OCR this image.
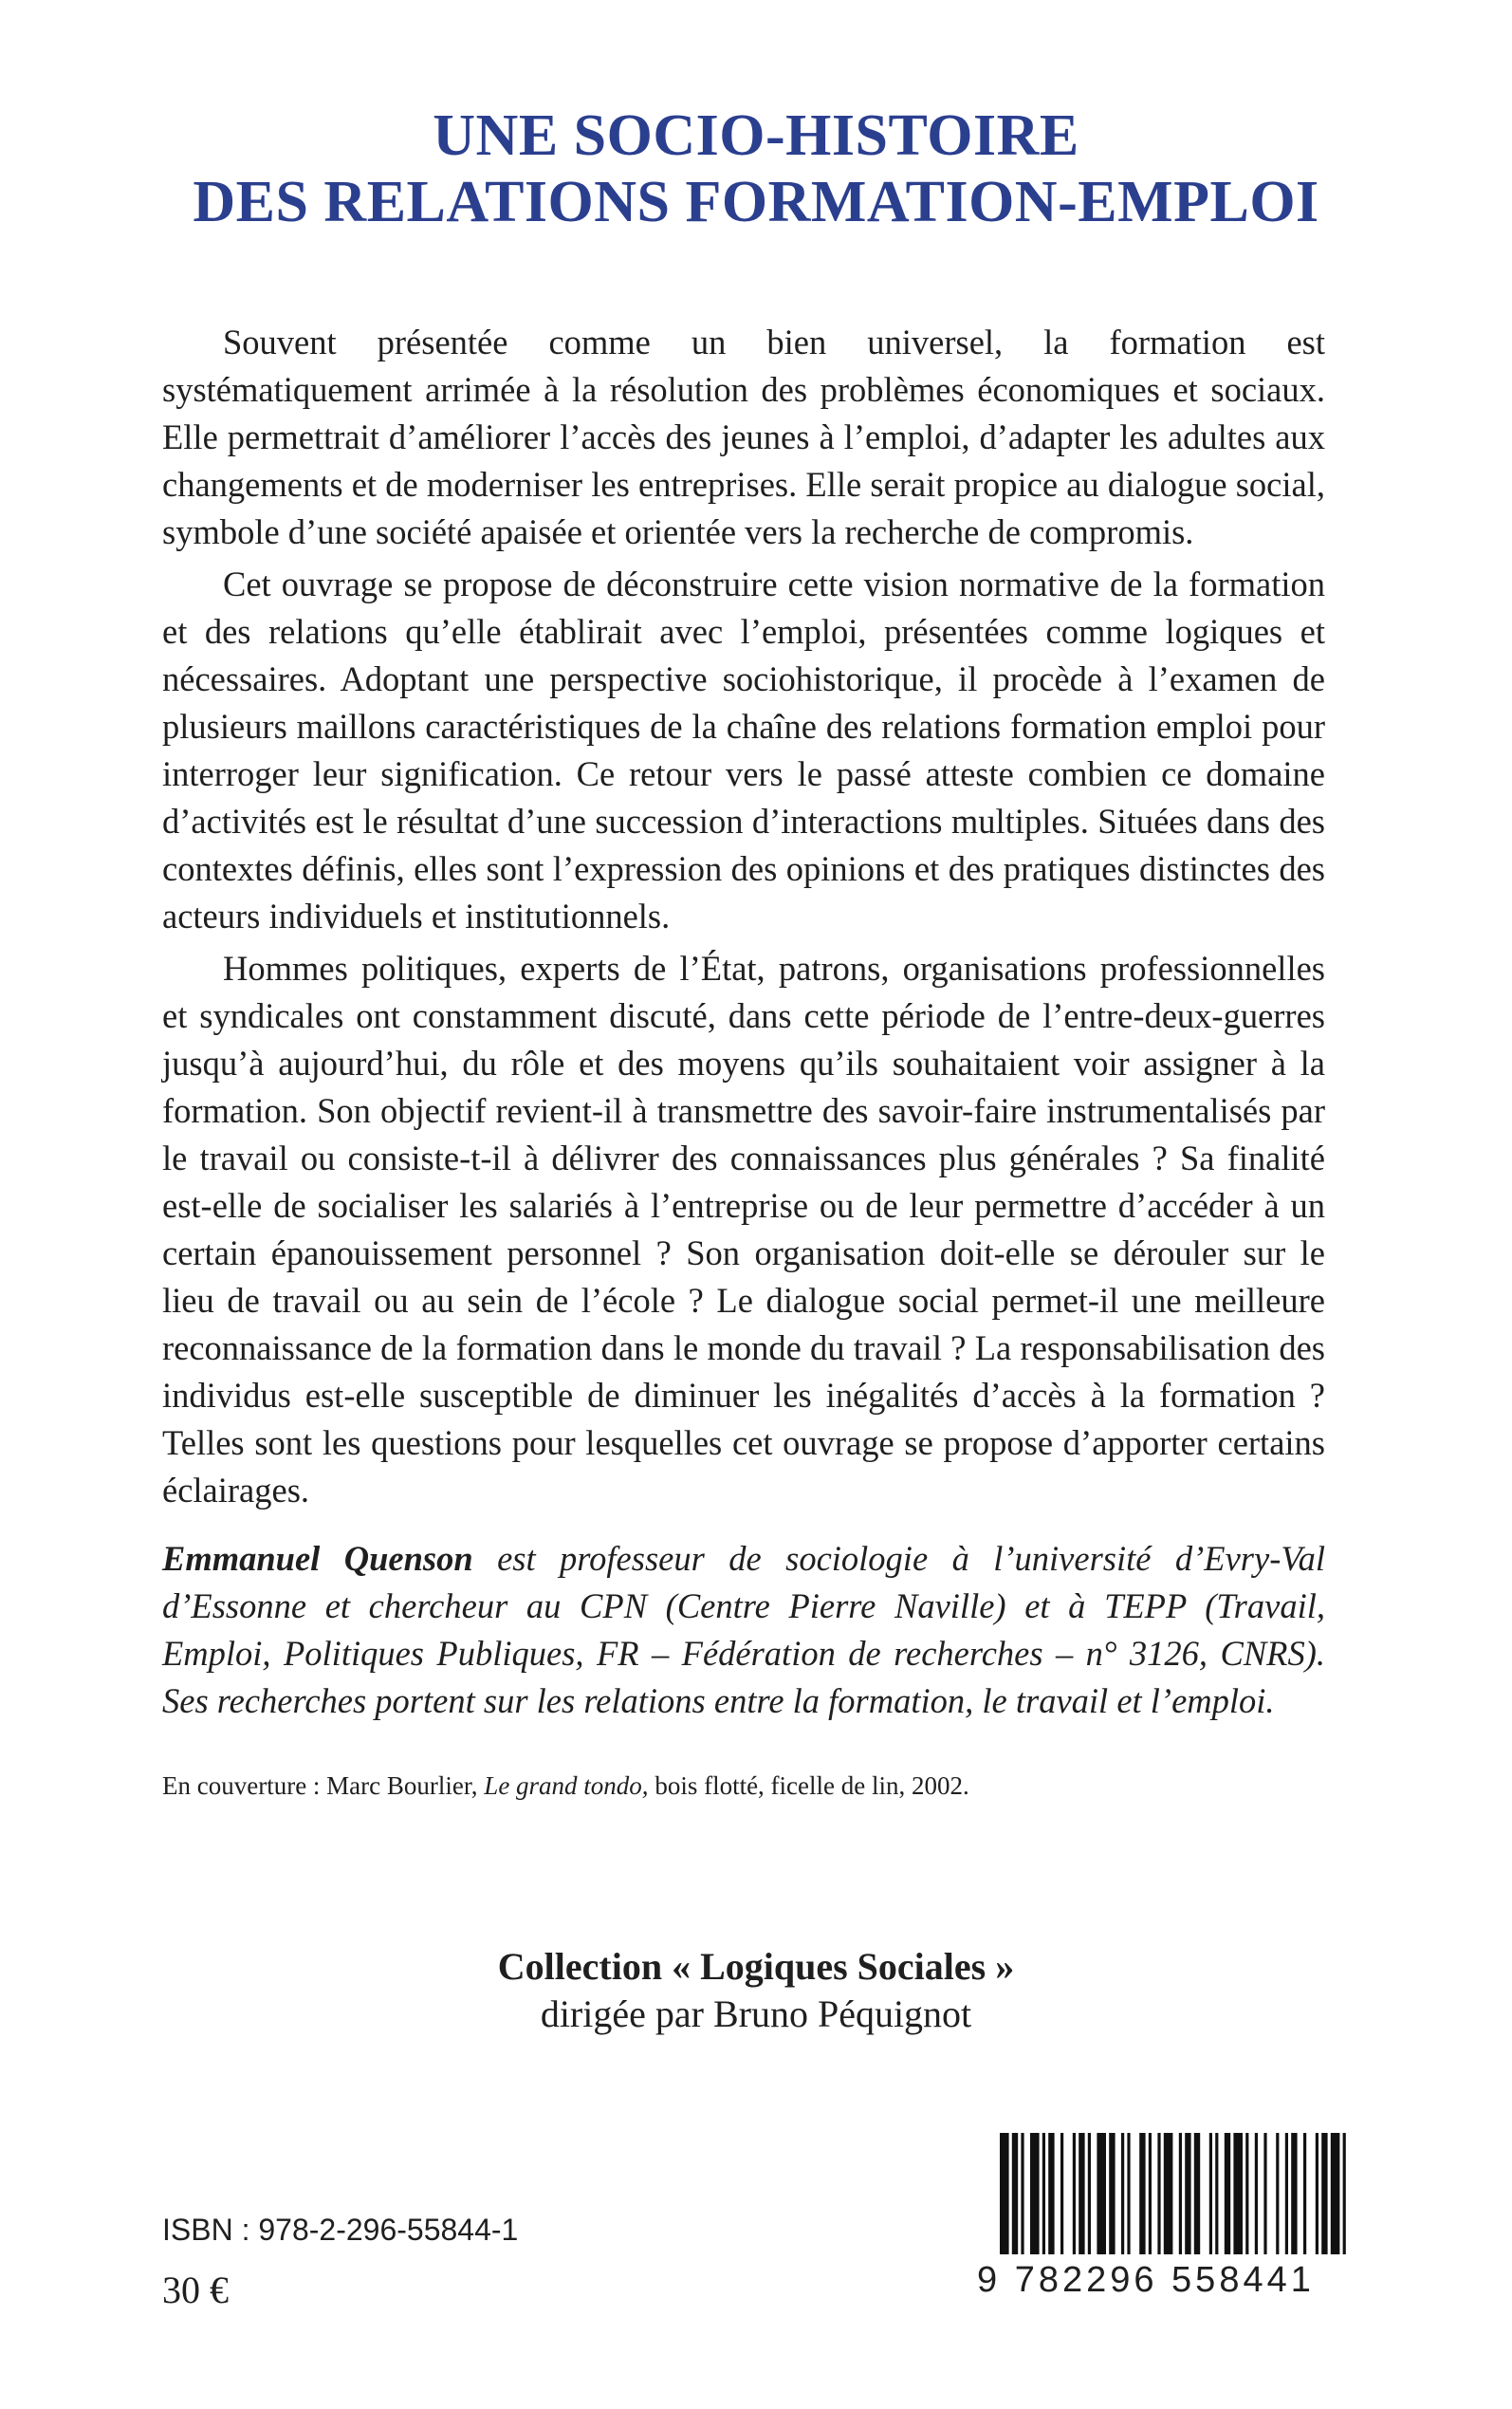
UNE SOCIO-HISTOIRE
DES RELATIONS FORMATION-EMPLOI

Souvent présentée comme un bien universel, la formation est systématiquement arrimée à la résolution des problèmes économiques et sociaux. Elle permettrait d’améliorer l’accès des jeunes à l’emploi, d’adapter les adultes aux changements et de moderniser les entreprises. Elle serait propice au dialogue social, symbole d’une société apaisée et orientée vers la recherche de compromis.

Cet ouvrage se propose de déconstruire cette vision normative de la formation et des relations qu’elle établirait avec l’emploi, présentées comme logiques et nécessaires. Adoptant une perspective sociohistorique, il procède à l’examen de plusieurs maillons caractéristiques de la chaîne des relations formation emploi pour interroger leur signification. Ce retour vers le passé atteste combien ce domaine d’activités est le résultat d’une succession d’interactions multiples. Situées dans des contextes définis, elles sont l’expression des opinions et des pratiques distinctes des acteurs individuels et institutionnels.

Hommes politiques, experts de l’État, patrons, organisations professionnelles et syndicales ont constamment discuté, dans cette période de l’entre-deux-guerres jusqu’à aujourd’hui, du rôle et des moyens qu’ils souhaitaient voir assigner à la formation. Son objectif revient-il à transmettre des savoir-faire instrumentalisés par le travail ou consiste-t-il à délivrer des connaissances plus générales ? Sa finalité est-elle de socialiser les salariés à l’entreprise ou de leur permettre d’accéder à un certain épanouissement personnel ? Son organisation doit-elle se dérouler sur le lieu de travail ou au sein de l’école ? Le dialogue social permet-il une meilleure reconnaissance de la formation dans le monde du travail ? La responsabilisation des individus est-elle susceptible de diminuer les inégalités d’accès à la formation ? Telles sont les questions pour lesquelles cet ouvrage se propose d’apporter certains éclairages.

Emmanuel Quenson est professeur de sociologie à l’université d’Evry-Val d’Essonne et chercheur au CPN (Centre Pierre Naville) et à TEPP (Travail, Emploi, Politiques Publiques, FR – Fédération de recherches – n° 3126, CNRS). Ses recherches portent sur les relations entre la formation, le travail et l’emploi.
En couverture : Marc Bourlier, Le grand tondo, bois flotté, ficelle de lin, 2002.
Collection « Logiques Sociales »
dirigée par Bruno Péquignot
ISBN : 978-2-296-55844-1
30 €	9 782296 558441
